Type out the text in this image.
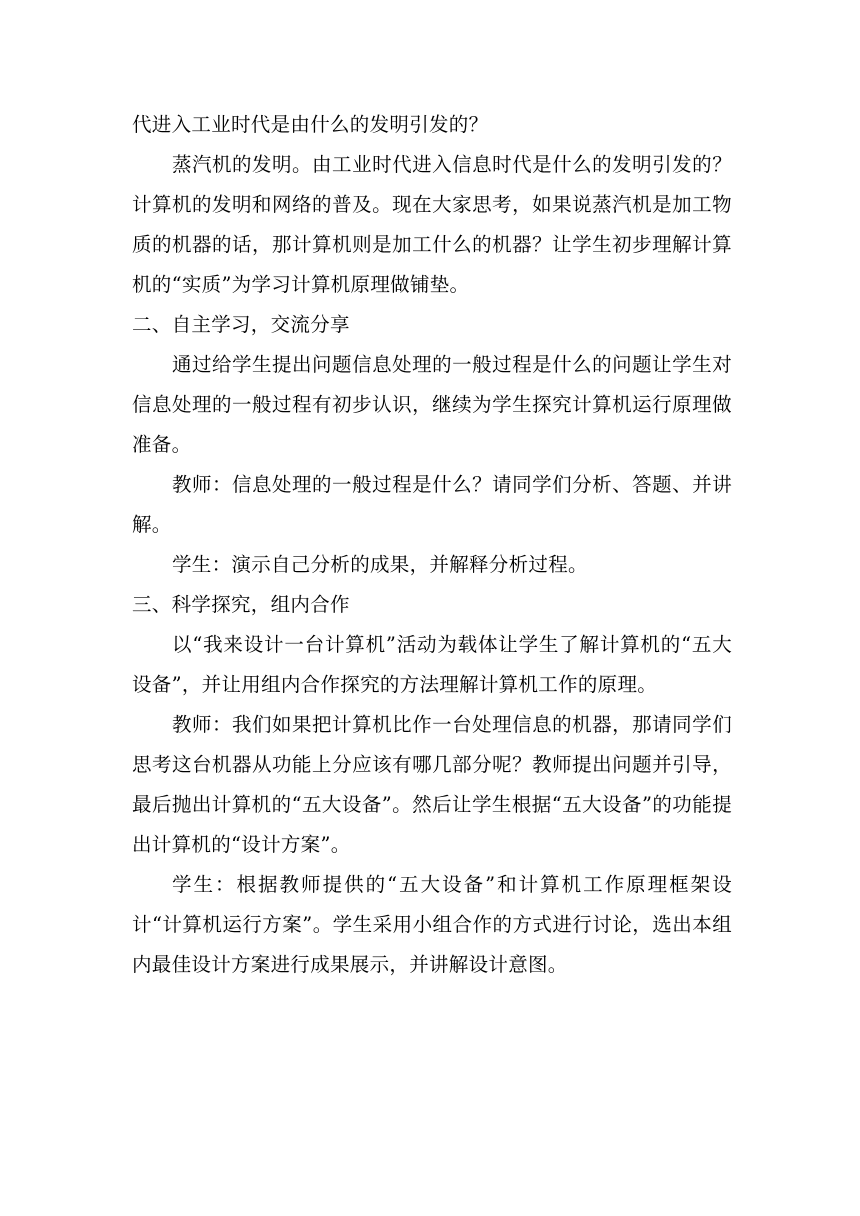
代进入工业时代是由什么的发明引发的？

蒸汽机的发明。由工业时代进入信息时代是什么的发明引发的？计算机的发明和网络的普及。现在大家思考，如果说蒸汽机是加工物质的机器的话，那计算机则是加工什么的机器？让学生初步理解计算机的“实质”为学习计算机原理做铺垫。

二、自主学习，交流分享

通过给学生提出问题信息处理的一般过程是什么的问题让学生对信息处理的一般过程有初步认识，继续为学生探究计算机运行原理做准备。

教师：信息处理的一般过程是什么？请同学们分析、答题、并讲解。

学生：演示自己分析的成果，并解释分析过程。

三、科学探究，组内合作

以“我来设计一台计算机”活动为载体让学生了解计算机的“五大设备”，并让用组内合作探究的方法理解计算机工作的原理。

教师：我们如果把计算机比作一台处理信息的机器，那请同学们思考这台机器从功能上分应该有哪几部分呢？教师提出问题并引导，最后抛出计算机的“五大设备”。然后让学生根据“五大设备”的功能提出计算机的“设计方案”。

学生：根据教师提供的“五大设备”和计算机工作原理框架设计“计算机运行方案”。学生采用小组合作的方式进行讨论，选出本组内最佳设计方案进行成果展示，并讲解设计意图。
